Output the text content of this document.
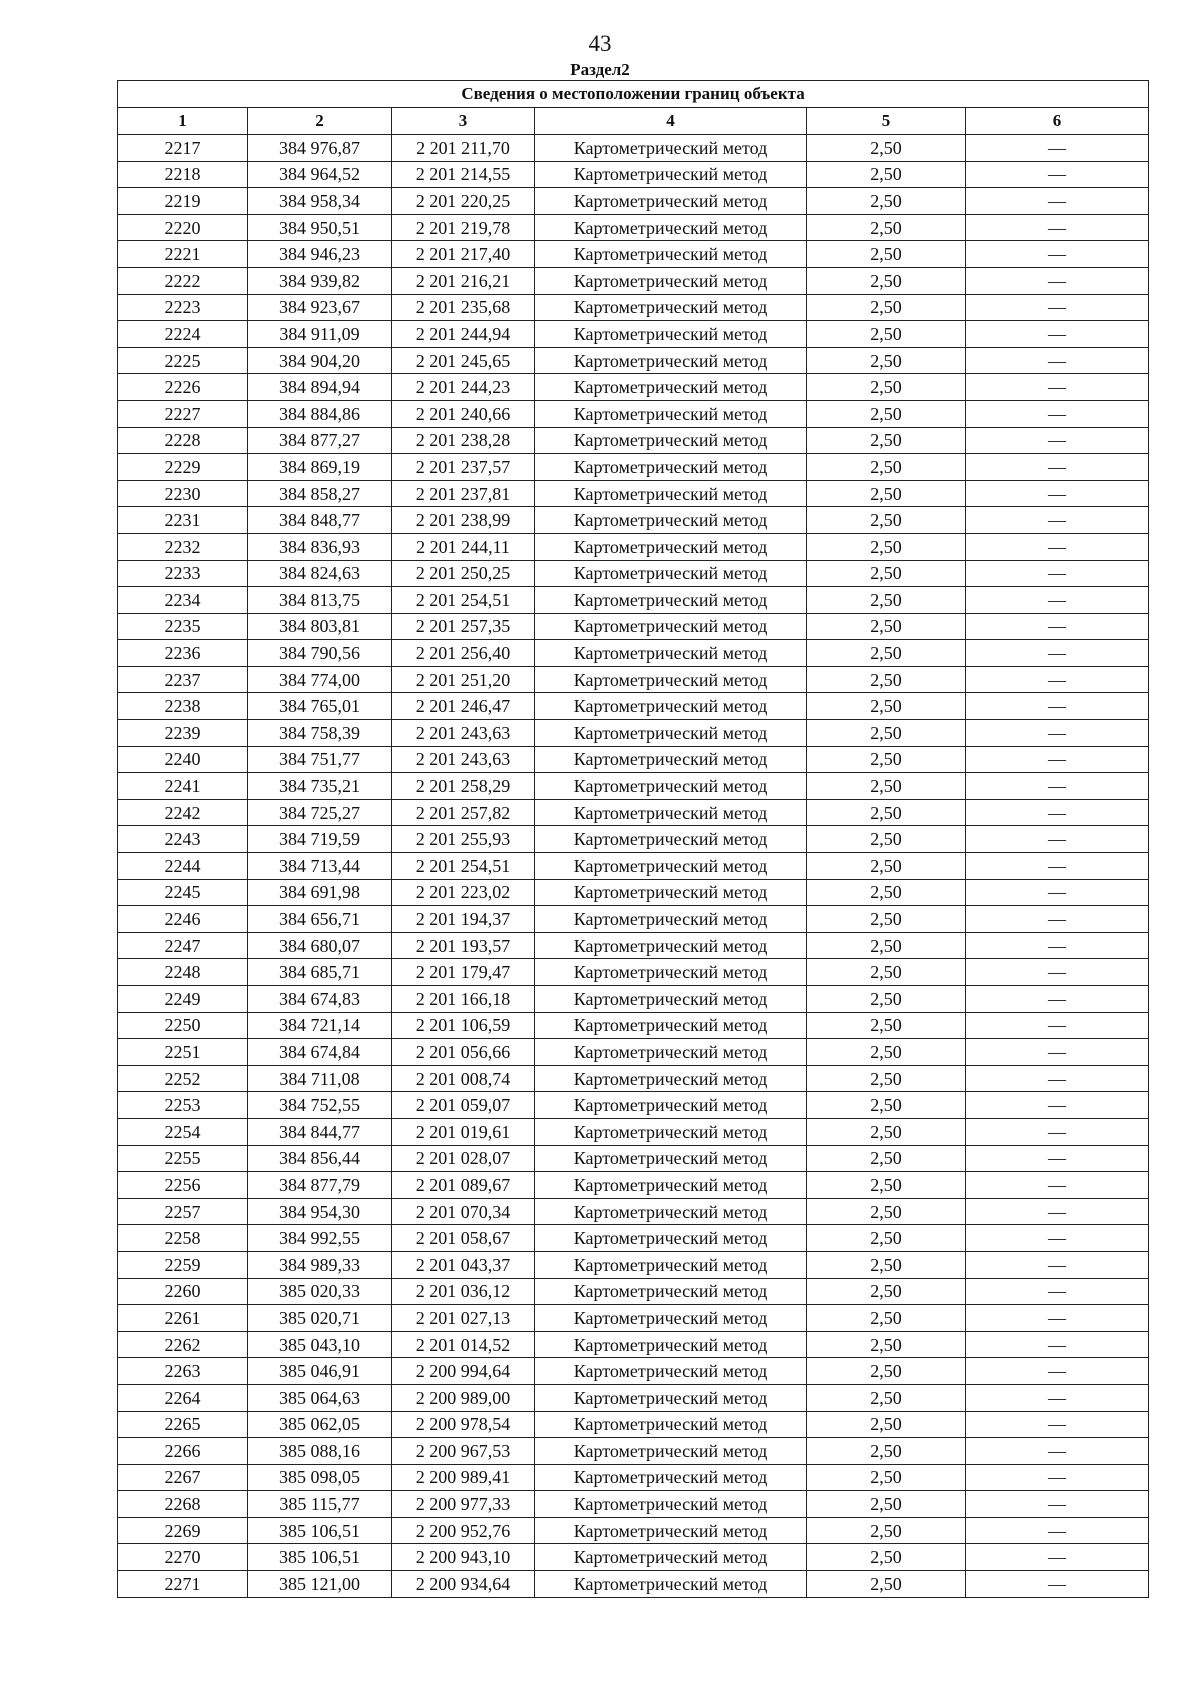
43
Раздел2
Сведения о местоположении границ объекта					
1	2	3	4	5	6
2217	384 976,87	2 201 211,70	Картометрический метод	2,50	—
2218	384 964,52	2 201 214,55	Картометрический метод	2,50	—
2219	384 958,34	2 201 220,25	Картометрический метод	2,50	—
2220	384 950,51	2 201 219,78	Картометрический метод	2,50	—
2221	384 946,23	2 201 217,40	Картометрический метод	2,50	—
2222	384 939,82	2 201 216,21	Картометрический метод	2,50	—
2223	384 923,67	2 201 235,68	Картометрический метод	2,50	—
2224	384 911,09	2 201 244,94	Картометрический метод	2,50	—
2225	384 904,20	2 201 245,65	Картометрический метод	2,50	—
2226	384 894,94	2 201 244,23	Картометрический метод	2,50	—
2227	384 884,86	2 201 240,66	Картометрический метод	2,50	—
2228	384 877,27	2 201 238,28	Картометрический метод	2,50	—
2229	384 869,19	2 201 237,57	Картометрический метод	2,50	—
2230	384 858,27	2 201 237,81	Картометрический метод	2,50	—
2231	384 848,77	2 201 238,99	Картометрический метод	2,50	—
2232	384 836,93	2 201 244,11	Картометрический метод	2,50	—
2233	384 824,63	2 201 250,25	Картометрический метод	2,50	—
2234	384 813,75	2 201 254,51	Картометрический метод	2,50	—
2235	384 803,81	2 201 257,35	Картометрический метод	2,50	—
2236	384 790,56	2 201 256,40	Картометрический метод	2,50	—
2237	384 774,00	2 201 251,20	Картометрический метод	2,50	—
2238	384 765,01	2 201 246,47	Картометрический метод	2,50	—
2239	384 758,39	2 201 243,63	Картометрический метод	2,50	—
2240	384 751,77	2 201 243,63	Картометрический метод	2,50	—
2241	384 735,21	2 201 258,29	Картометрический метод	2,50	—
2242	384 725,27	2 201 257,82	Картометрический метод	2,50	—
2243	384 719,59	2 201 255,93	Картометрический метод	2,50	—
2244	384 713,44	2 201 254,51	Картометрический метод	2,50	—
2245	384 691,98	2 201 223,02	Картометрический метод	2,50	—
2246	384 656,71	2 201 194,37	Картометрический метод	2,50	—
2247	384 680,07	2 201 193,57	Картометрический метод	2,50	—
2248	384 685,71	2 201 179,47	Картометрический метод	2,50	—
2249	384 674,83	2 201 166,18	Картометрический метод	2,50	—
2250	384 721,14	2 201 106,59	Картометрический метод	2,50	—
2251	384 674,84	2 201 056,66	Картометрический метод	2,50	—
2252	384 711,08	2 201 008,74	Картометрический метод	2,50	—
2253	384 752,55	2 201 059,07	Картометрический метод	2,50	—
2254	384 844,77	2 201 019,61	Картометрический метод	2,50	—
2255	384 856,44	2 201 028,07	Картометрический метод	2,50	—
2256	384 877,79	2 201 089,67	Картометрический метод	2,50	—
2257	384 954,30	2 201 070,34	Картометрический метод	2,50	—
2258	384 992,55	2 201 058,67	Картометрический метод	2,50	—
2259	384 989,33	2 201 043,37	Картометрический метод	2,50	—
2260	385 020,33	2 201 036,12	Картометрический метод	2,50	—
2261	385 020,71	2 201 027,13	Картометрический метод	2,50	—
2262	385 043,10	2 201 014,52	Картометрический метод	2,50	—
2263	385 046,91	2 200 994,64	Картометрический метод	2,50	—
2264	385 064,63	2 200 989,00	Картометрический метод	2,50	—
2265	385 062,05	2 200 978,54	Картометрический метод	2,50	—
2266	385 088,16	2 200 967,53	Картометрический метод	2,50	—
2267	385 098,05	2 200 989,41	Картометрический метод	2,50	—
2268	385 115,77	2 200 977,33	Картометрический метод	2,50	—
2269	385 106,51	2 200 952,76	Картометрический метод	2,50	—
2270	385 106,51	2 200 943,10	Картометрический метод	2,50	—
2271	385 121,00	2 200 934,64	Картометрический метод	2,50	—
